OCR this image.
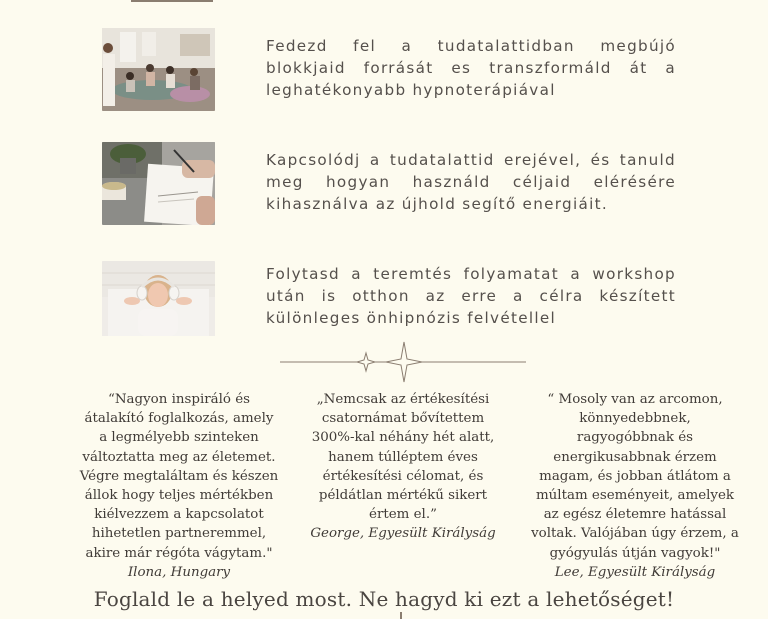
Fedezd fel a tudatalattidban megbújó blokkjaid forrását es transzformáld át a leghatékonyabb hypnoterápiával
Kapcsolódj a tudatalattid erejével, és tanuld meg hogyan használd céljaid elérésére kihasználva az újhold segítő energiáit.
Folytasd a teremtés folyamatat a workshop után is otthon az erre a célra készített különleges önhipnózis felvétellel
“Nagyon inspiráló és átalakító foglalkozás, amely a legmélyebb szinteken változtatta meg az életemet. Végre megtaláltam és készen állok hogy teljes mértékben kiélvezzem a kapcsolatot hihetetlen partneremmel, akire már régóta vágytam."
Ilona, Hungary
„Nemcsak az értékesítési csatornámat bővítettem 300%-kal néhány hét alatt, hanem túlléptem éves értékesítési célomat, és példátlan mértékű sikert értem el.”
George, Egyesült Királyság
“ Mosoly van az arcomon, könnyedebbnek, ragyogóbbnak és energikusabbnak érzem magam, és jobban átlátom a múltam eseményeit, amelyek az egész életemre hatással voltak. Valójában úgy érzem, a gyógyulás útján vagyok!"
Lee, Egyesült Királyság
Foglald le a helyed most. Ne hagyd ki ezt a lehetőséget!
